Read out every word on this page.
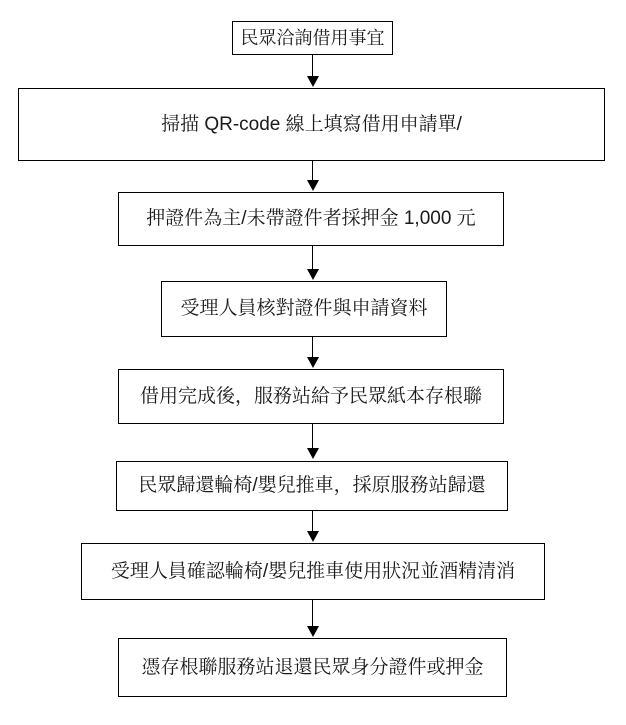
民眾洽詢借用事宜
掃描 QR-code 線上填寫借用申請單/
押證件為主/未帶證件者採押金 1,000 元
受理人員核對證件與申請資料
借用完成後，服務站給予民眾紙本存根聯
民眾歸還輪椅/嬰兒推車，採原服務站歸還
受理人員確認輪椅/嬰兒推車使用狀況並酒精清消
憑存根聯服務站退還民眾身分證件或押金
